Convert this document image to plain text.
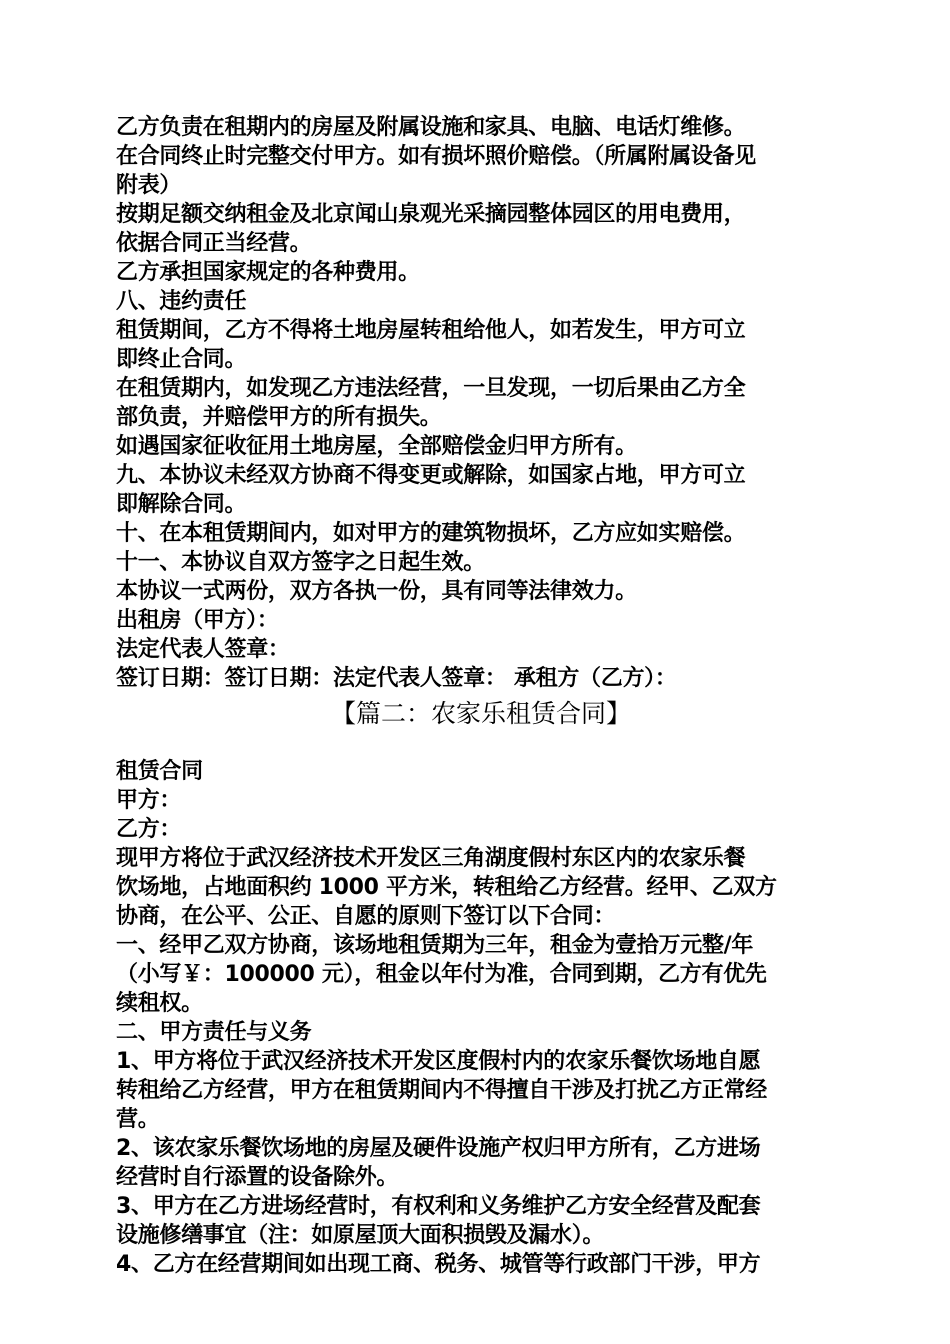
乙方负责在租期内的房屋及附属设施和家具、电脑、电话灯维修。
在合同终止时完整交付甲方。如有损坏照价赔偿。（所属附属设备见
附表）
按期足额交纳租金及北京闻山泉观光采摘园整体园区的用电费用，
依据合同正当经营。
乙方承担国家规定的各种费用。
八、违约责任
租赁期间，乙方不得将土地房屋转租给他人，如若发生，甲方可立
即终止合同。
在租赁期内，如发现乙方违法经营，一旦发现，一切后果由乙方全
部负责，并赔偿甲方的所有损失。
如遇国家征收征用土地房屋，全部赔偿金归甲方所有。
九、本协议未经双方协商不得变更或解除，如国家占地，甲方可立
即解除合同。
十、在本租赁期间内，如对甲方的建筑物损坏，乙方应如实赔偿。
十一、本协议自双方签字之日起生效。
本协议一式两份，双方各执一份，具有同等法律效力。
出租房（甲方）：
法定代表人签章：
签订日期：签订日期：法定代表人签章： 承租方（乙方）：
【篇二：农家乐租赁合同】
租赁合同
甲方：
乙方：
现甲方将位于武汉经济技术开发区三角湖度假村东区内的农家乐餐
饮场地，占地面积约 1000 平方米，转租给乙方经营。经甲、乙双方
协商，在公平、公正、自愿的原则下签订以下合同：
一、经甲乙双方协商，该场地租赁期为三年，租金为壹拾万元整/年
（小写￥：100000 元），租金以年付为准，合同到期，乙方有优先
续租权。
二、甲方责任与义务
1、甲方将位于武汉经济技术开发区度假村内的农家乐餐饮场地自愿
转租给乙方经营，甲方在租赁期间内不得擅自干涉及打扰乙方正常经
营。
2、该农家乐餐饮场地的房屋及硬件设施产权归甲方所有，乙方进场
经营时自行添置的设备除外。
3、甲方在乙方进场经营时，有权利和义务维护乙方安全经营及配套
设施修缮事宜（注：如原屋顶大面积损毁及漏水）。
4、乙方在经营期间如出现工商、税务、城管等行政部门干涉，甲方
